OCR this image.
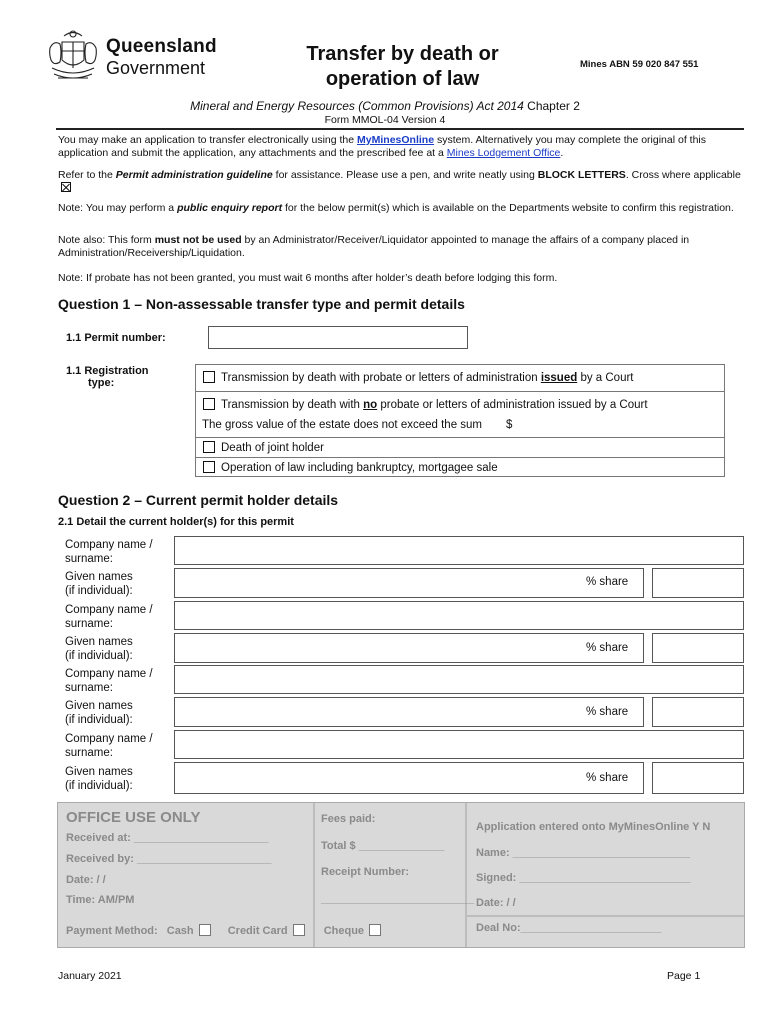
Queensland
Government
Transfer by death or
operation of law
Mines ABN 59 020 847 551
Mineral and Energy Resources (Common Provisions) Act 2014 Chapter 2
Form MMOL-04 Version 4
You may make an application to transfer electronically using the MyMinesOnline system. Alternatively you may complete the original of this application and submit the application, any attachments and the prescribed fee at a Mines Lodgement Office.
Refer to the Permit administration guideline for assistance. Please use a pen, and write neatly using BLOCK LETTERS. Cross where applicable
Note: You may perform a public enquiry report for the below permit(s) which is available on the Departments website to confirm this registration.
Note also: This form must not be used by an Administrator/Receiver/Liquidator appointed to manage the affairs of a company placed in Administration/Receivership/Liquidation.
Note: If probate has not been granted, you must wait 6 months after holder’s death before lodging this form.
Question 1 – Non-assessable transfer type and permit details
1.1 Permit number:
1.1 Registration
type:	Transmission by death with probate or letters of administration issued by a Court
Transmission by death with no probate or letters of administration issued by a Court
The gross value of the estate does not exceed the sum $
Death of joint holder
Operation of law including bankruptcy, mortgagee sale
Question 2 – Current permit holder details
2.1 Detail the current holder(s) for this permit
Company name /
surname:
Given names
(if individual):
% share
Company name /
surname:
Given names
(if individual):
% share
Company name /
surname:
Given names
(if individual):
% share
Company name /
surname:
Given names
(if individual):
% share
OFFICE USE ONLY
Received at: ______________________
Received by: ______________________
Date: / /
Time: AM/PM
Payment Method: Cash	Credit Card	Cheque
Fees paid:
Total $ ______________
Receipt Number:
_________________________
Application entered onto MyMinesOnline Y N
Name: _____________________________
Signed: ____________________________
Date: / /
Deal No:_______________________
January 2021	Page 1
